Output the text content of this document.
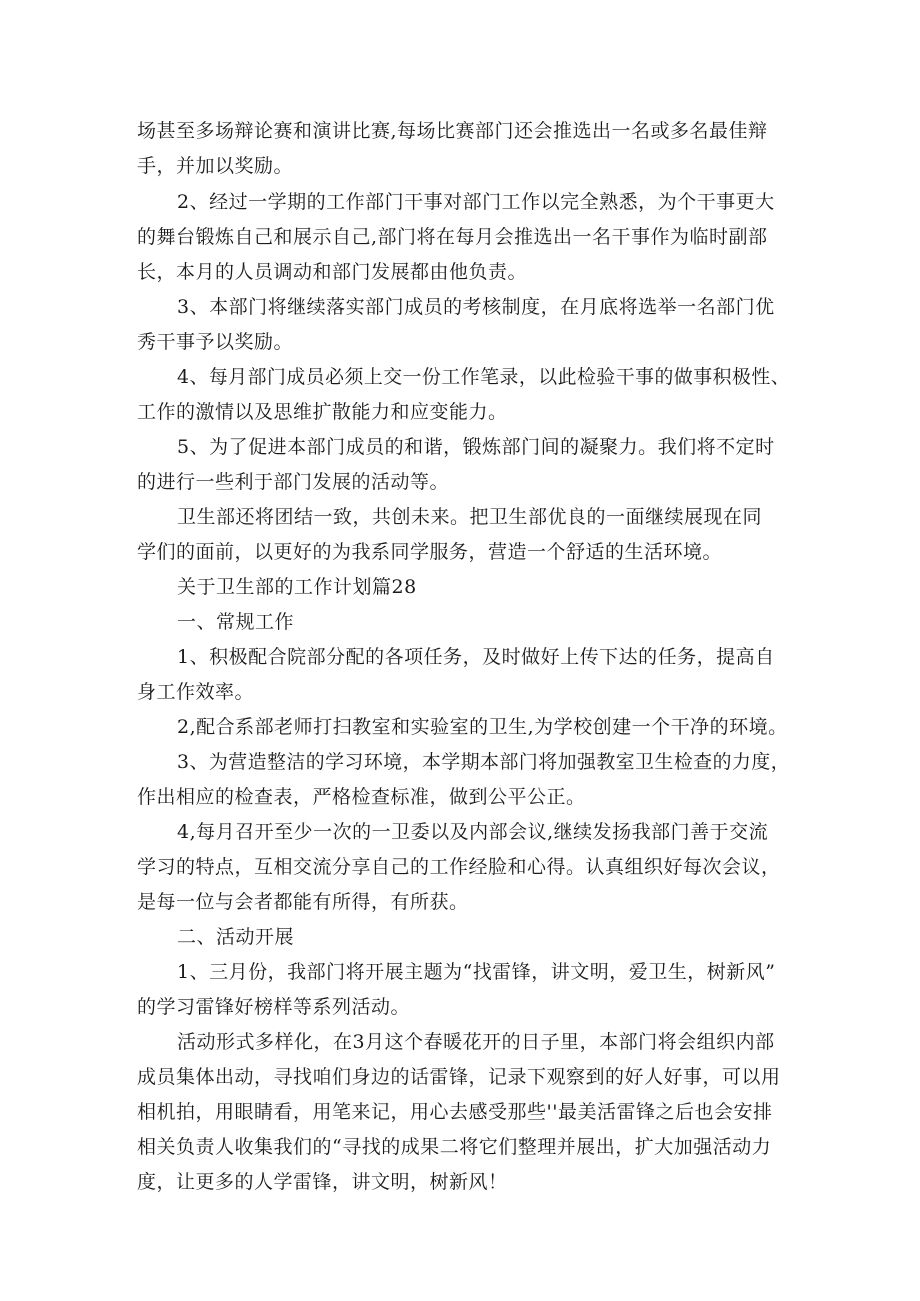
场甚至多场辩论赛和演讲比赛,每场比赛部门还会推选出一名或多名最佳辩
手，并加以奖励。
2、经过一学期的工作部门干事对部门工作以完全熟悉，为个干事更大
的舞台锻炼自己和展示自己,部门将在每月会推选出一名干事作为临时副部
长，本月的人员调动和部门发展都由他负责。
3、本部门将继续落实部门成员的考核制度，在月底将选举一名部门优
秀干事予以奖励。
4、每月部门成员必须上交一份工作笔录，以此检验干事的做事积极性、
工作的激情以及思维扩散能力和应变能力。
5、为了促进本部门成员的和谐，锻炼部门间的凝聚力。我们将不定时
的进行一些利于部门发展的活动等。
卫生部还将团结一致，共创未来。把卫生部优良的一面继续展现在同
学们的面前，以更好的为我系同学服务，营造一个舒适的生活环境。
关于卫生部的工作计划篇28
一、常规工作
1、积极配合院部分配的各项任务，及时做好上传下达的任务，提高自
身工作效率。
2,配合系部老师打扫教室和实验室的卫生,为学校创建一个干净的环境。
3、为营造整洁的学习环境，本学期本部门将加强教室卫生检查的力度，
作出相应的检查表，严格检查标准，做到公平公正。
4,每月召开至少一次的一卫委以及内部会议,继续发扬我部门善于交流
学习的特点，互相交流分享自己的工作经脸和心得。认真组织好每次会议，
是每一位与会者都能有所得，有所获。
二、活动开展
1、三月份，我部门将开展主题为“找雷锋，讲文明，爱卫生，树新风”
的学习雷锋好榜样等系列活动。
活动形式多样化，在3月这个春暖花开的日子里，本部门将会组织内部
成员集体出动，寻找咱们身边的话雷锋，记录下观察到的好人好事，可以用
相机拍，用眼睛看，用笔来记，用心去感受那些''最美活雷锋之后也会安排
相关负责人收集我们的“寻找的成果二将它们整理并展出，扩大加强活动力
度，让更多的人学雷锋，讲文明，树新风！
